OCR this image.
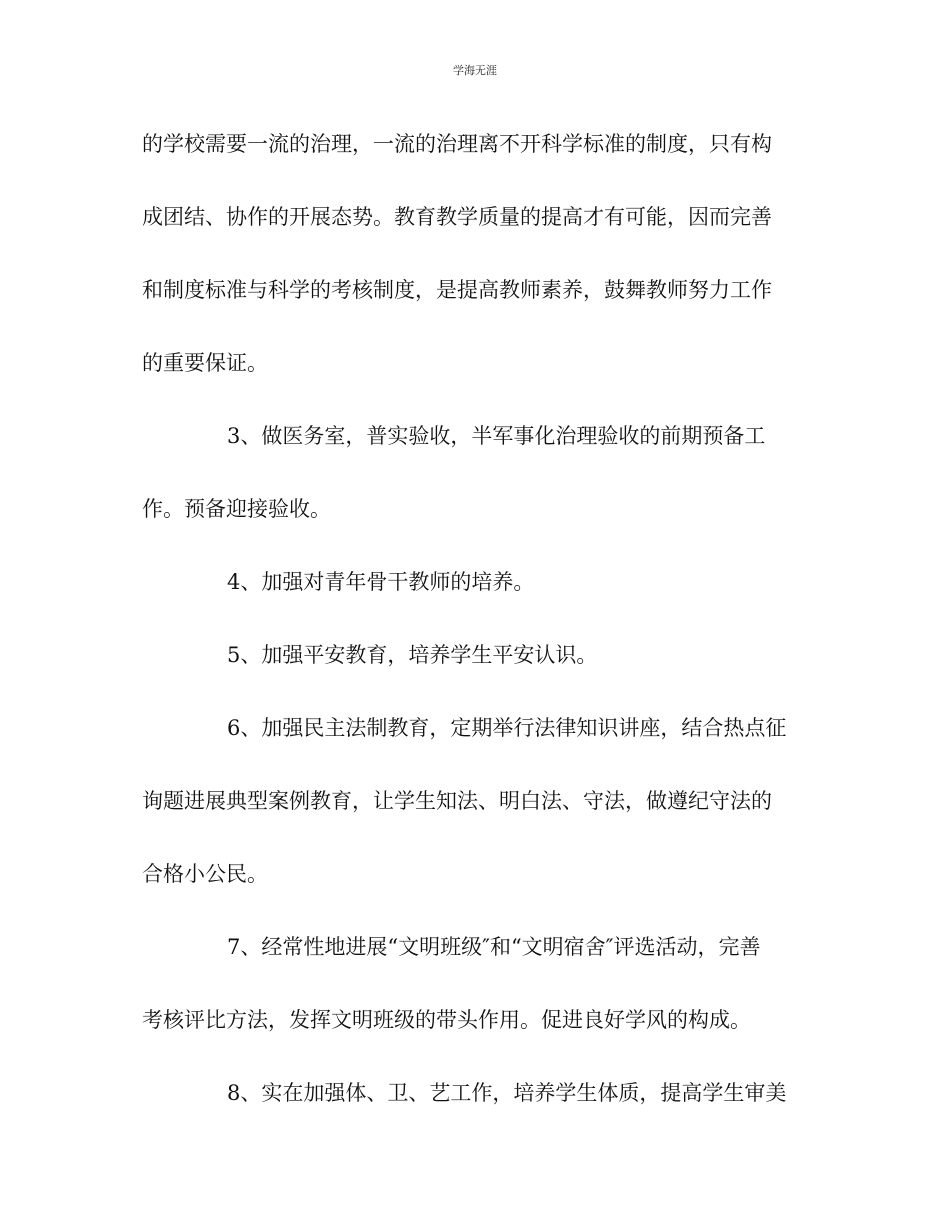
学海无涯
的学校需要一流的治理，一流的治理离不开科学标准的制度，只有构
成团结、协作的开展态势。教育教学质量的提高才有可能，因而完善
和制度标准与科学的考核制度，是提高教师素养，鼓舞教师努力工作
的重要保证。
3、做医务室，普实验收，半军事化治理验收的前期预备工
作。预备迎接验收。
4、加强对青年骨干教师的培养。
5、加强平安教育，培养学生平安认识。
6、加强民主法制教育，定期举行法律知识讲座，结合热点征
询题进展典型案例教育，让学生知法、明白法、守法，做遵纪守法的
合格小公民。
7、经常性地进展“文明班级″和“文明宿舍″评选活动，完善
考核评比方法，发挥文明班级的带头作用。促进良好学风的构成。
8、实在加强体、卫、艺工作，培养学生体质，提高学生审美
